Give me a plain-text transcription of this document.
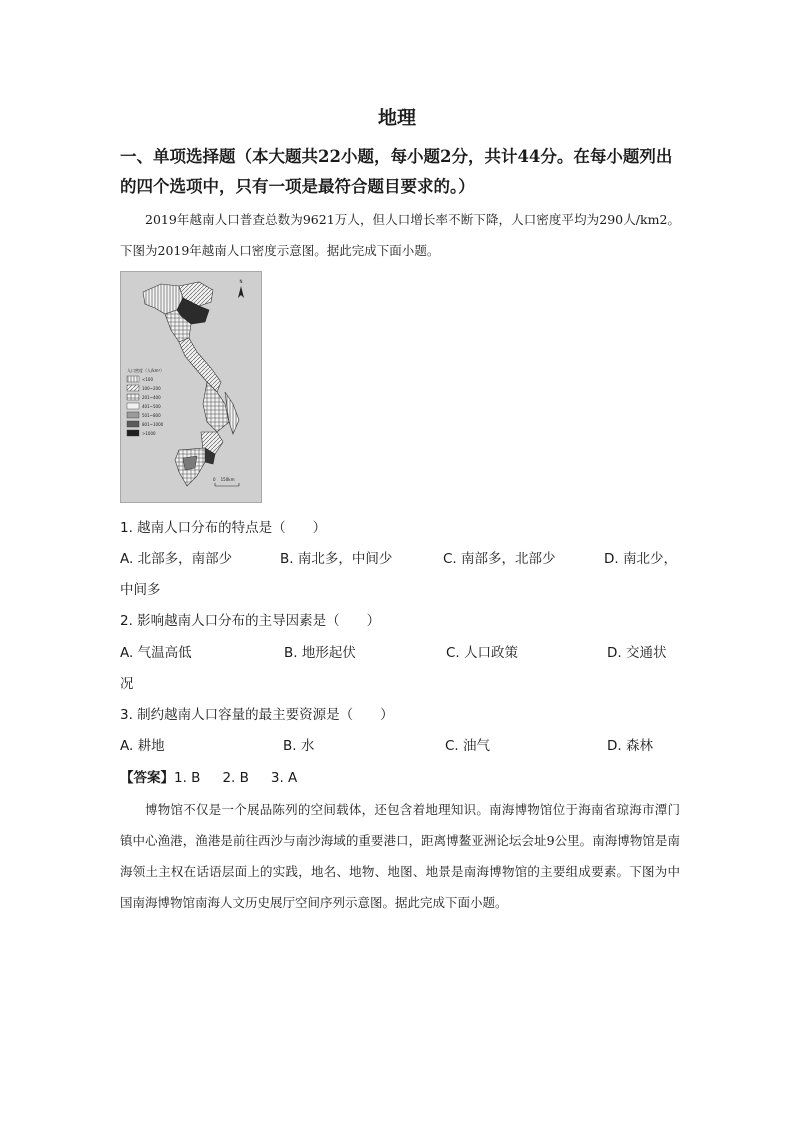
地理
一、单项选择题（本大题共22小题，每小题2分，共计44分。在每小题列出的四个选项中，只有一项是最符合题目要求的。）
2019年越南人口普查总数为9621万人，但人口增长率不断下降，人口密度平均为290人/km2。下图为2019年越南人口密度示意图。据此完成下面小题。
N
人口密度（人/km²）
<100
100~200
201~400
401~500
501~800
801~1000
>1000
0    150km
1. 越南人口分布的特点是（　　）
A. 北部多，南部少	B. 南北多，中间少	C. 南部多，北部少	D. 南北少，
中间多
2. 影响越南人口分布的主导因素是（　　）
A. 气温高低	B. 地形起伏	C. 人口政策	D. 交通状
况
3. 制约越南人口容量的最主要资源是（　　）
A. 耕地	B. 水	C. 油气	D. 森林
【答案】1. B 2. B 3. A
博物馆不仅是一个展品陈列的空间载体，还包含着地理知识。南海博物馆位于海南省琼海市潭门镇中心渔港，渔港是前往西沙与南沙海域的重要港口，距离博鳌亚洲论坛会址9公里。南海博物馆是南海领土主权在话语层面上的实践，地名、地物、地图、地景是南海博物馆的主要组成要素。下图为中国南海博物馆南海人文历史展厅空间序列示意图。据此完成下面小题。
